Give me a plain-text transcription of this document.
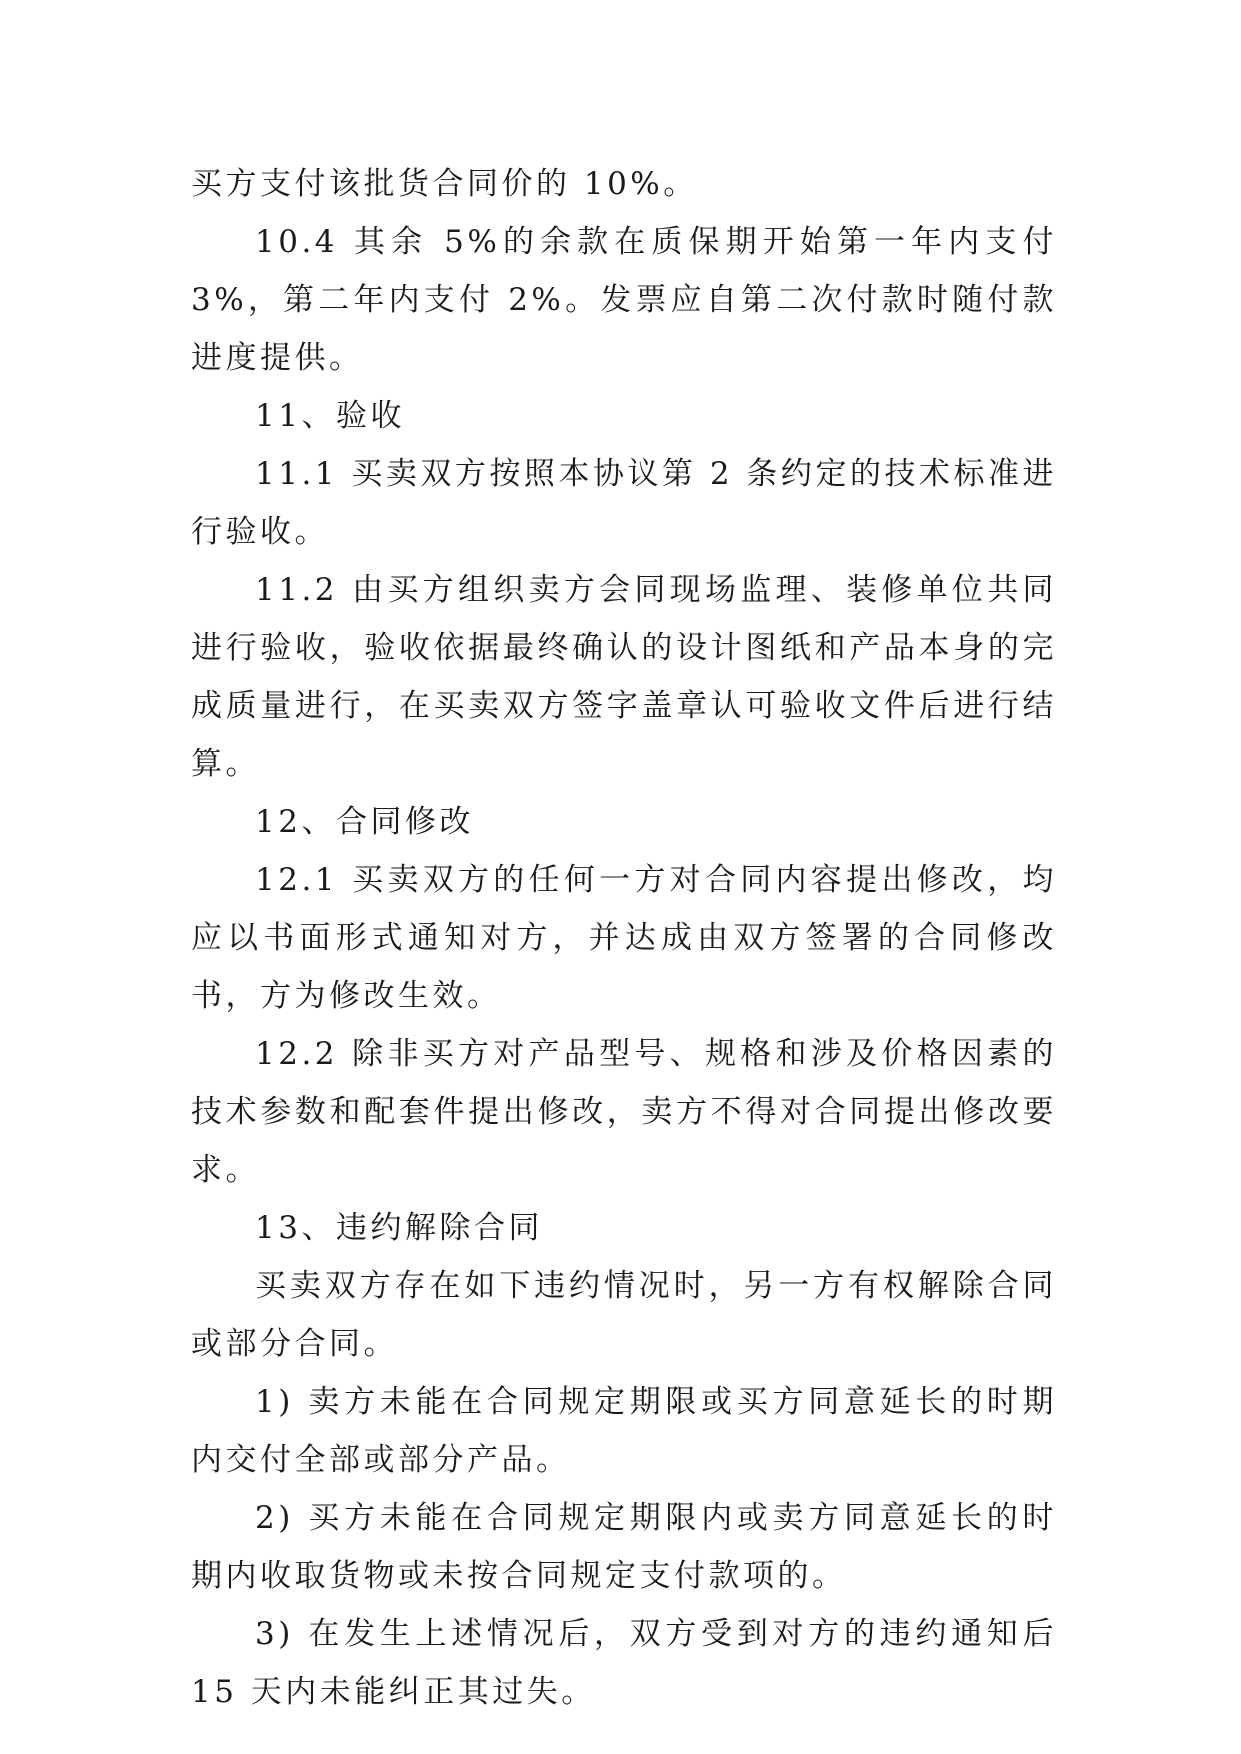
买方支付该批货合同价的 10%。

10.4 其余 5%的余款在质保期开始第一年内支付 3%，第二年内支付 2%。发票应自第二次付款时随付款进度提供。

11、验收

11.1 买卖双方按照本协议第 2 条约定的技术标准进行验收。

11.2 由买方组织卖方会同现场监理、装修单位共同进行验收，验收依据最终确认的设计图纸和产品本身的完成质量进行，在买卖双方签字盖章认可验收文件后进行结算。

12、合同修改

12.1 买卖双方的任何一方对合同内容提出修改，均应以书面形式通知对方，并达成由双方签署的合同修改书，方为修改生效。

12.2 除非买方对产品型号、规格和涉及价格因素的技术参数和配套件提出修改，卖方不得对合同提出修改要求。

13、违约解除合同

买卖双方存在如下违约情况时，另一方有权解除合同或部分合同。

1) 卖方未能在合同规定期限或买方同意延长的时期内交付全部或部分产品。

2) 买方未能在合同规定期限内或卖方同意延长的时期内收取货物或未按合同规定支付款项的。

3) 在发生上述情况后，双方受到对方的违约通知后 15 天内未能纠正其过失。
